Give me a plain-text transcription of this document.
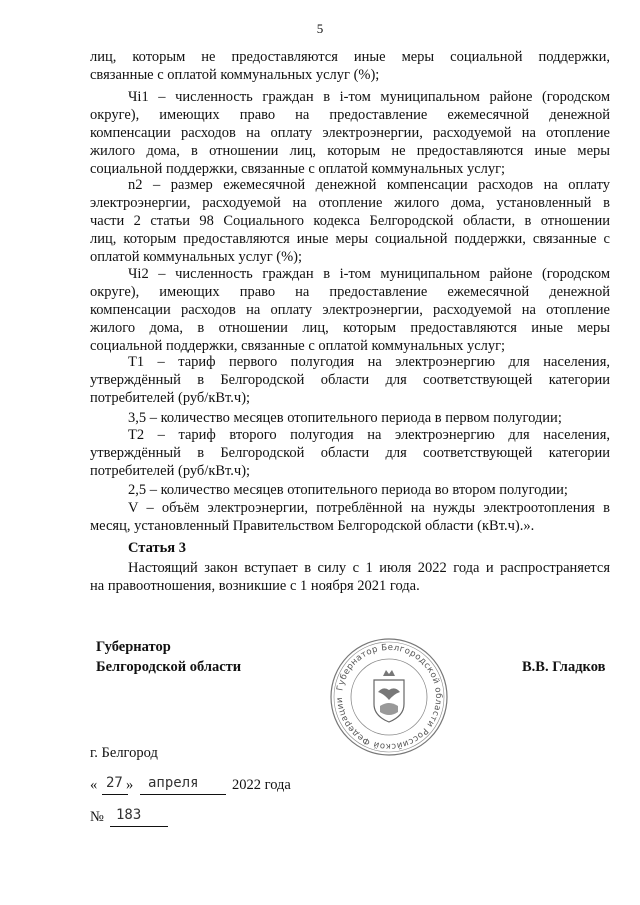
5

лиц, которым не предоставляются иные меры социальной поддержки,

связанные с оплатой коммунальных услуг (%);

Чi1 – численность граждан в i-том муниципальном районе (городском

округе), имеющих право на предоставление ежемесячной денежной

компенсации расходов на оплату электроэнергии, расходуемой на отопление

жилого дома, в отношении лиц, которым не предоставляются иные меры

социальной поддержки, связанные с оплатой коммунальных услуг;

n2 – размер ежемесячной денежной компенсации расходов на оплату

электроэнергии, расходуемой на отопление жилого дома, установленный в

части 2 статьи 98 Социального кодекса Белгородской области, в отношении

лиц, которым предоставляются иные меры социальной поддержки, связанные с

оплатой коммунальных услуг (%);

Чi2 – численность граждан в i-том муниципальном районе (городском

округе), имеющих право на предоставление ежемесячной денежной

компенсации расходов на оплату электроэнергии, расходуемой на отопление

жилого дома, в отношении лиц, которым предоставляются иные меры

социальной поддержки, связанные с оплатой коммунальных услуг;

T1 – тариф первого полугодия на электроэнергию для населения,

утверждённый в Белгородской области для соответствующей категории

потребителей (руб/кВт.ч);

3,5 – количество месяцев отопительного периода в первом полугодии;

T2 – тариф второго полугодия на электроэнергию для населения,

утверждённый в Белгородской области для соответствующей категории

потребителей (руб/кВт.ч);

2,5 – количество месяцев отопительного периода во втором полугодии;

V – объём электроэнергии, потреблённой на нужды электроотопления в

месяц, установленный Правительством Белгородской области (кВт.ч).».

Статья 3

Настоящий закон вступает в силу с 1 июля 2022 года и распространяется

на правоотношения, возникшие с 1 ноября 2021 года.

Губернатор
Белгородской области	В.В. Гладков
Губернатор Белгородской области Российской Федерации
г. Белгород
« 27 » апреля 2022 года
№ 183
